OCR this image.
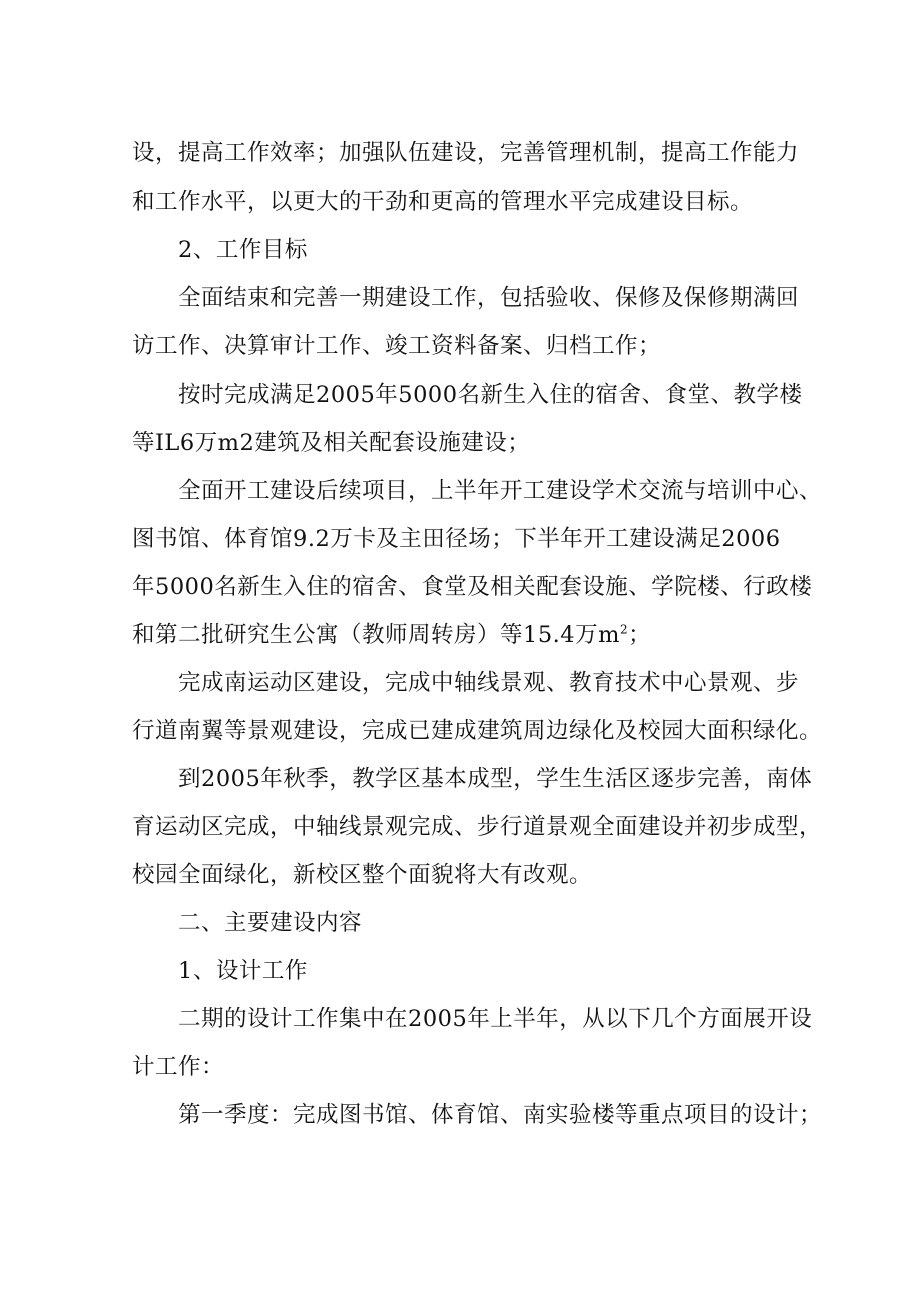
设，提高工作效率；加强队伍建设，完善管理机制，提高工作能力

和工作水平，以更大的干劲和更高的管理水平完成建设目标。

2、工作目标

全面结束和完善一期建设工作，包括验收、保修及保修期满回

访工作、决算审计工作、竣工资料备案、归档工作；

按时完成满足2005年5000名新生入住的宿舍、食堂、教学楼

等IL6万m2建筑及相关配套设施建设；

全面开工建设后续项目，上半年开工建设学术交流与培训中心、

图书馆、体育馆9.2万卡及主田径场；下半年开工建设满足2006

年5000名新生入住的宿舍、食堂及相关配套设施、学院楼、行政楼

和第二批研究生公寓（教师周转房）等15.4万$m^2$；

完成南运动区建设，完成中轴线景观、教育技术中心景观、步

行道南翼等景观建设，完成已建成建筑周边绿化及校园大面积绿化。

到2005年秋季，教学区基本成型，学生生活区逐步完善，南体

育运动区完成，中轴线景观完成、步行道景观全面建设并初步成型，

校园全面绿化，新校区整个面貌将大有改观。

二、主要建设内容

1、设计工作

二期的设计工作集中在2005年上半年，从以下几个方面展开设

计工作：

第一季度：完成图书馆、体育馆、南实验楼等重点项目的设计；
